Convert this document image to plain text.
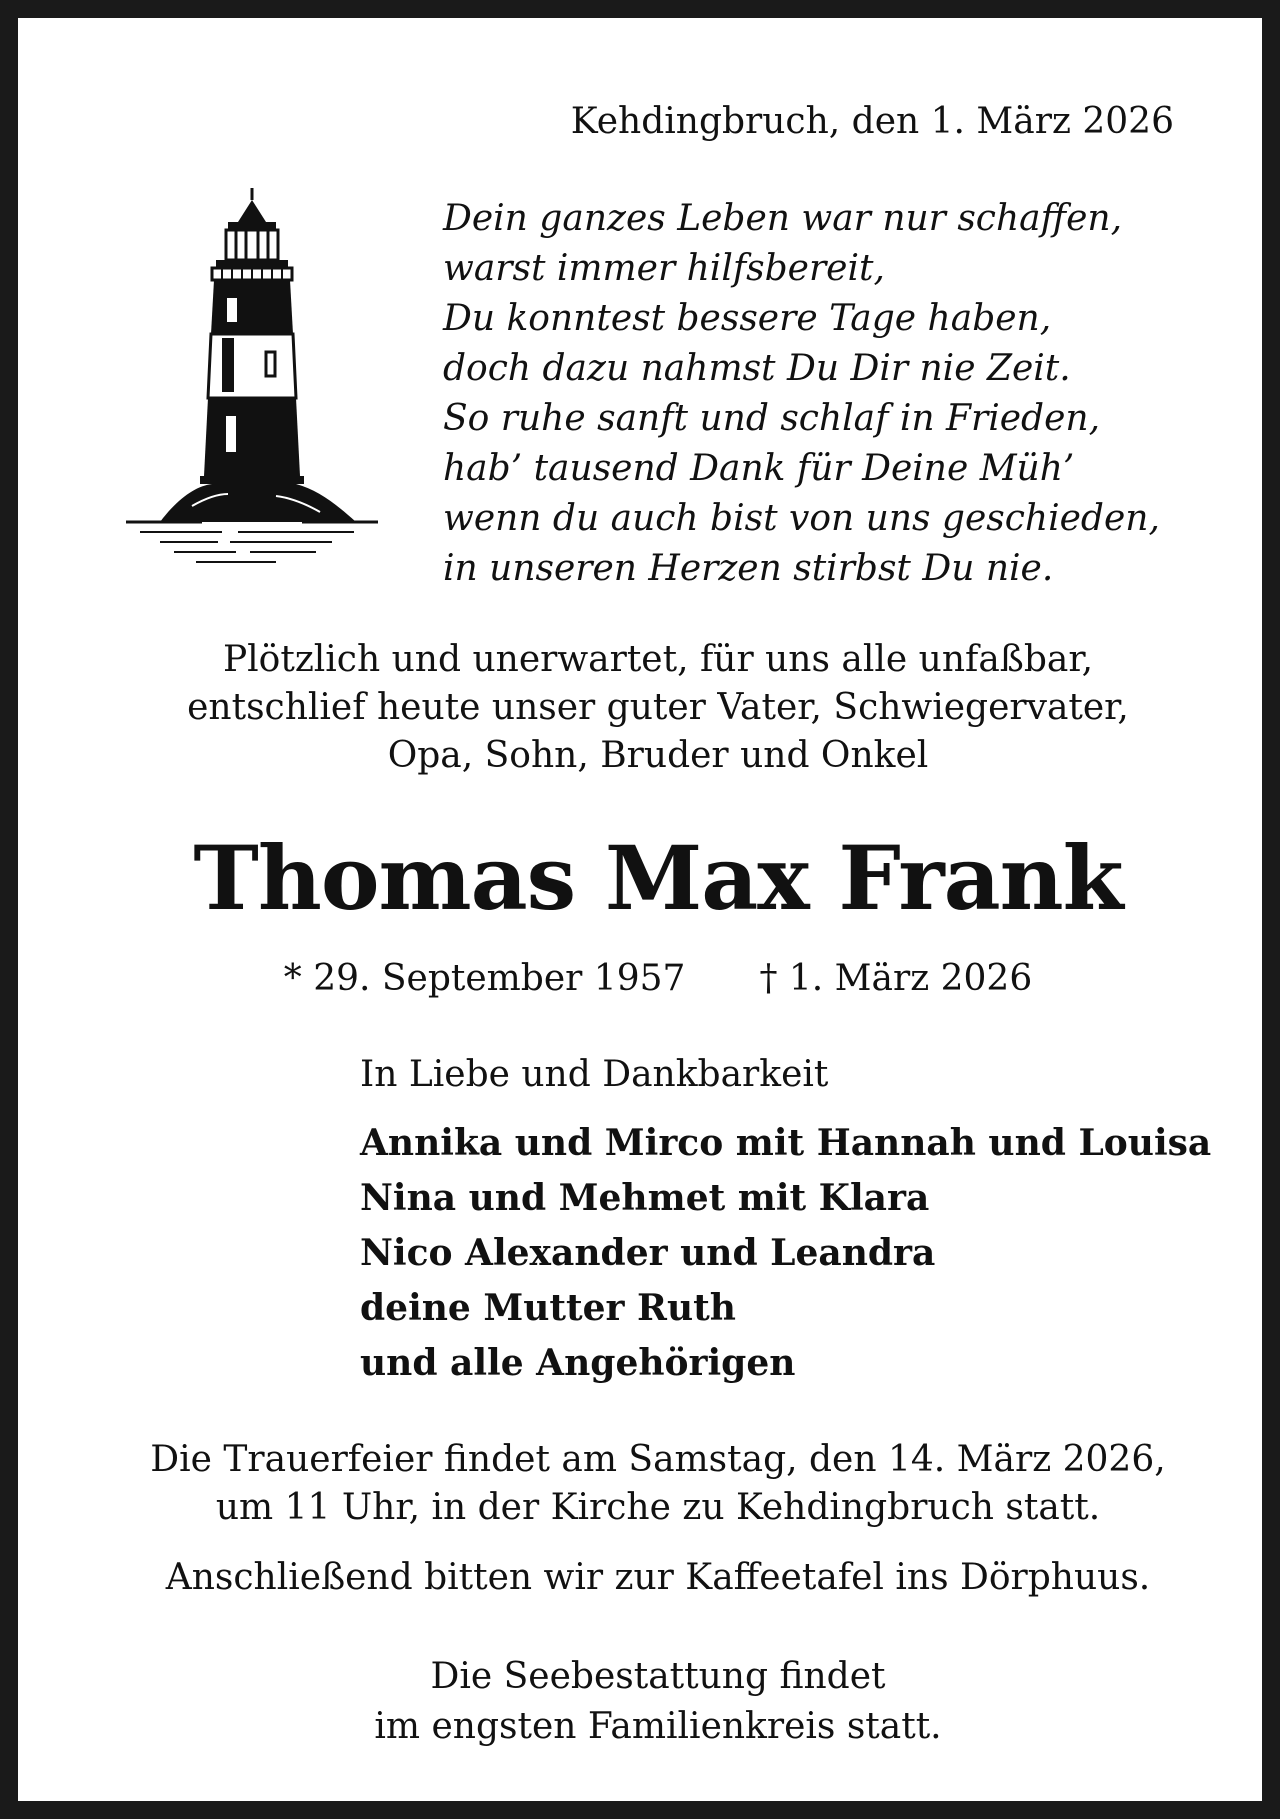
Kehdingbruch, den 1. März 2026
Dein ganzes Leben war nur schaffen,
warst immer hilfsbereit,
Du konntest bessere Tage haben,
doch dazu nahmst Du Dir nie Zeit.
So ruhe sanft und schlaf in Frieden,
hab’ tausend Dank für Deine Müh’
wenn du auch bist von uns geschieden,
in unseren Herzen stirbst Du nie.
Plötzlich und unerwartet, für uns alle unfaßbar,
entschlief heute unser guter Vater, Schwiegervater,
Opa, Sohn, Bruder und Onkel
Thomas Max Frank
* 29. September 1957 † 1. März 2026
In Liebe und Dankbarkeit
Annika und Mirco mit Hannah und Louisa
Nina und Mehmet mit Klara
Nico Alexander und Leandra
deine Mutter Ruth
und alle Angehörigen
Die Trauerfeier findet am Samstag, den 14. März 2026,
um 11 Uhr, in der Kirche zu Kehdingbruch statt.
Anschließend bitten wir zur Kaffeetafel ins Dörphuus.
Die Seebestattung findet
im engsten Familienkreis statt.
